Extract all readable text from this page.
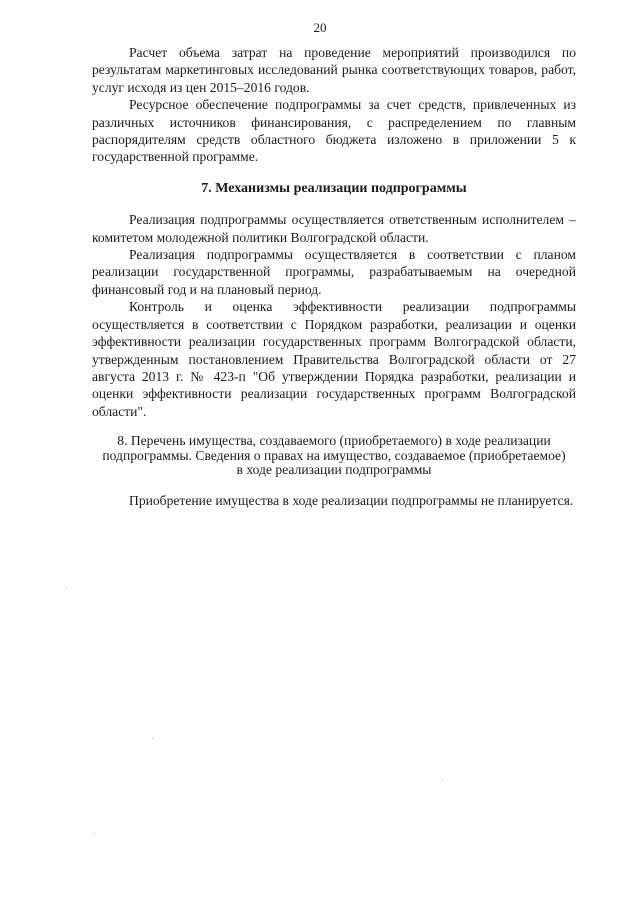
20

Расчет объема затрат на проведение мероприятий производился по результатам маркетинговых исследований рынка соответствующих товаров, работ, услуг исходя из цен 2015–2016 годов.

Ресурсное обеспечение подпрограммы за счет средств, привлеченных из различных источников финансирования, с распределением по главным распорядителям средств областного бюджета изложено в приложении 5 к государственной программе.

7. Механизмы реализации подпрограммы

Реализация подпрограммы осуществляется ответственным исполнителем – комитетом молодежной политики Волгоградской области.

Реализация подпрограммы осуществляется в соответствии с планом реализации государственной программы, разрабатываемым на очередной финансовый год и на плановый период.

Контроль и оценка эффективности реализации подпрограммы осуществляется в соответствии с Порядком разработки, реализации и оценки эффективности реализации государственных программ Волгоградской области, утвержденным постановлением Правительства Волгоградской области от 27 августа 2013 г. № 423-п "Об утверждении Порядка разработки, реализации и оценки эффективности реализации государственных программ Волгоградской области".

8. Перечень имущества, создаваемого (приобретаемого) в ходе реализации
подпрограммы. Сведения о правах на имущество, создаваемое (приобретаемое)
в ходе реализации подпрограммы

Приобретение имущества в ходе реализации подпрограммы не планируется.
